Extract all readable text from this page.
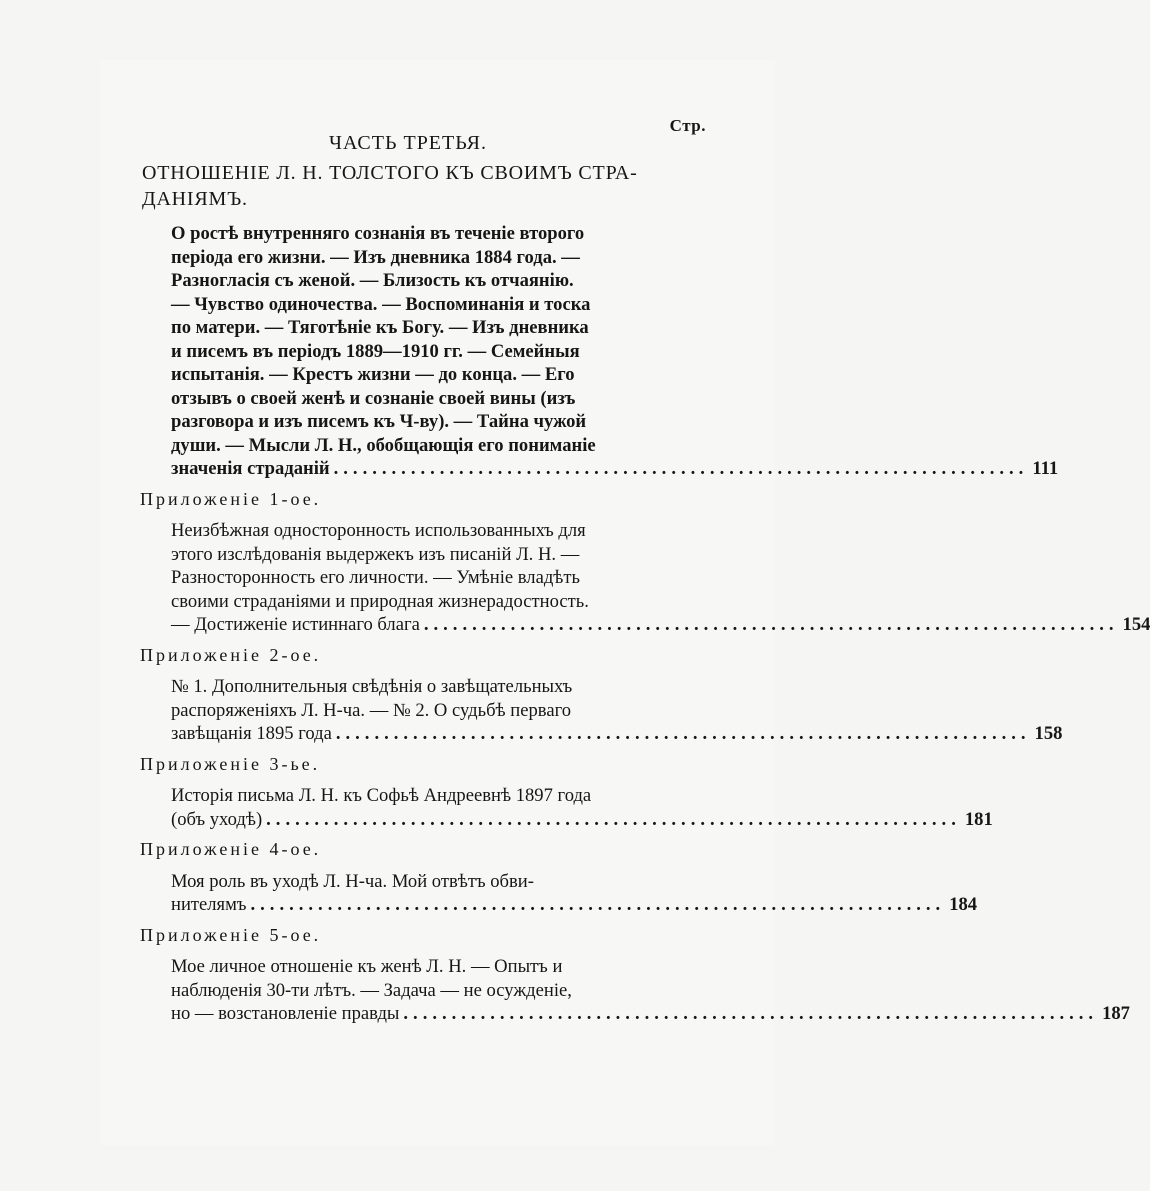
Стр.
ЧАСТЬ ТРЕТЬЯ.
ОТНОШЕНIЕ Л. Н. ТОЛСТОГО КЪ СВОИМЪ СТРА-
ДАНIЯМЪ.
О ростѣ внутренняго сознанiя въ теченiе второго
перiода его жизни. — Изъ дневника 1884 года. —
Разногласiя съ женой. — Близость къ отчаянiю.
— Чувство одиночества. — Воспоминанiя и тоска
по матери. — Тяготѣнiе къ Богу. — Изъ дневника
и писемъ въ перiодъ 1889—1910 гг. — Семейныя
испытанiя. — Крестъ жизни — до конца. — Его
отзывъ о своей женѣ и сознанiе своей вины (изъ
разговора и изъ писемъ къ Ч-ву). — Тайна чужой
души. — Мысли Л. Н., обобщающiя его пониманiе
значенiя страданiй ........................................................................ 111
Приложенiе 1-ое.
Неизбѣжная односторонность использованныхъ для
этого изслѣдованiя выдержекъ изъ писанiй Л. Н. —
Разносторонность его личности. — Умѣнiе владѣть
своими страданiями и природная жизнерадостность.
— Достиженiе истиннаго блага ........................................................................ 154
Приложенiе 2-ое.
№ 1. Дополнительныя свѣдѣнiя о завѣщательныхъ
распоряженiяхъ Л. Н-ча. — № 2. О судьбѣ перваго
завѣщанiя 1895 года ........................................................................ 158
Приложенiе 3-ье.
Исторiя письма Л. Н. къ Софьѣ Андреевнѣ 1897 года
(объ уходѣ) ........................................................................ 181
Приложенiе 4-ое.
Моя роль въ уходѣ Л. Н-ча. Мой отвѣтъ обви-
нителямъ ........................................................................ 184
Приложенiе 5-ое.
Мое личное отношенiе къ женѣ Л. Н. — Опытъ и
наблюденiя 30-ти лѣтъ. — Задача — не осужденiе,
но — возстановленiе правды ........................................................................ 187
